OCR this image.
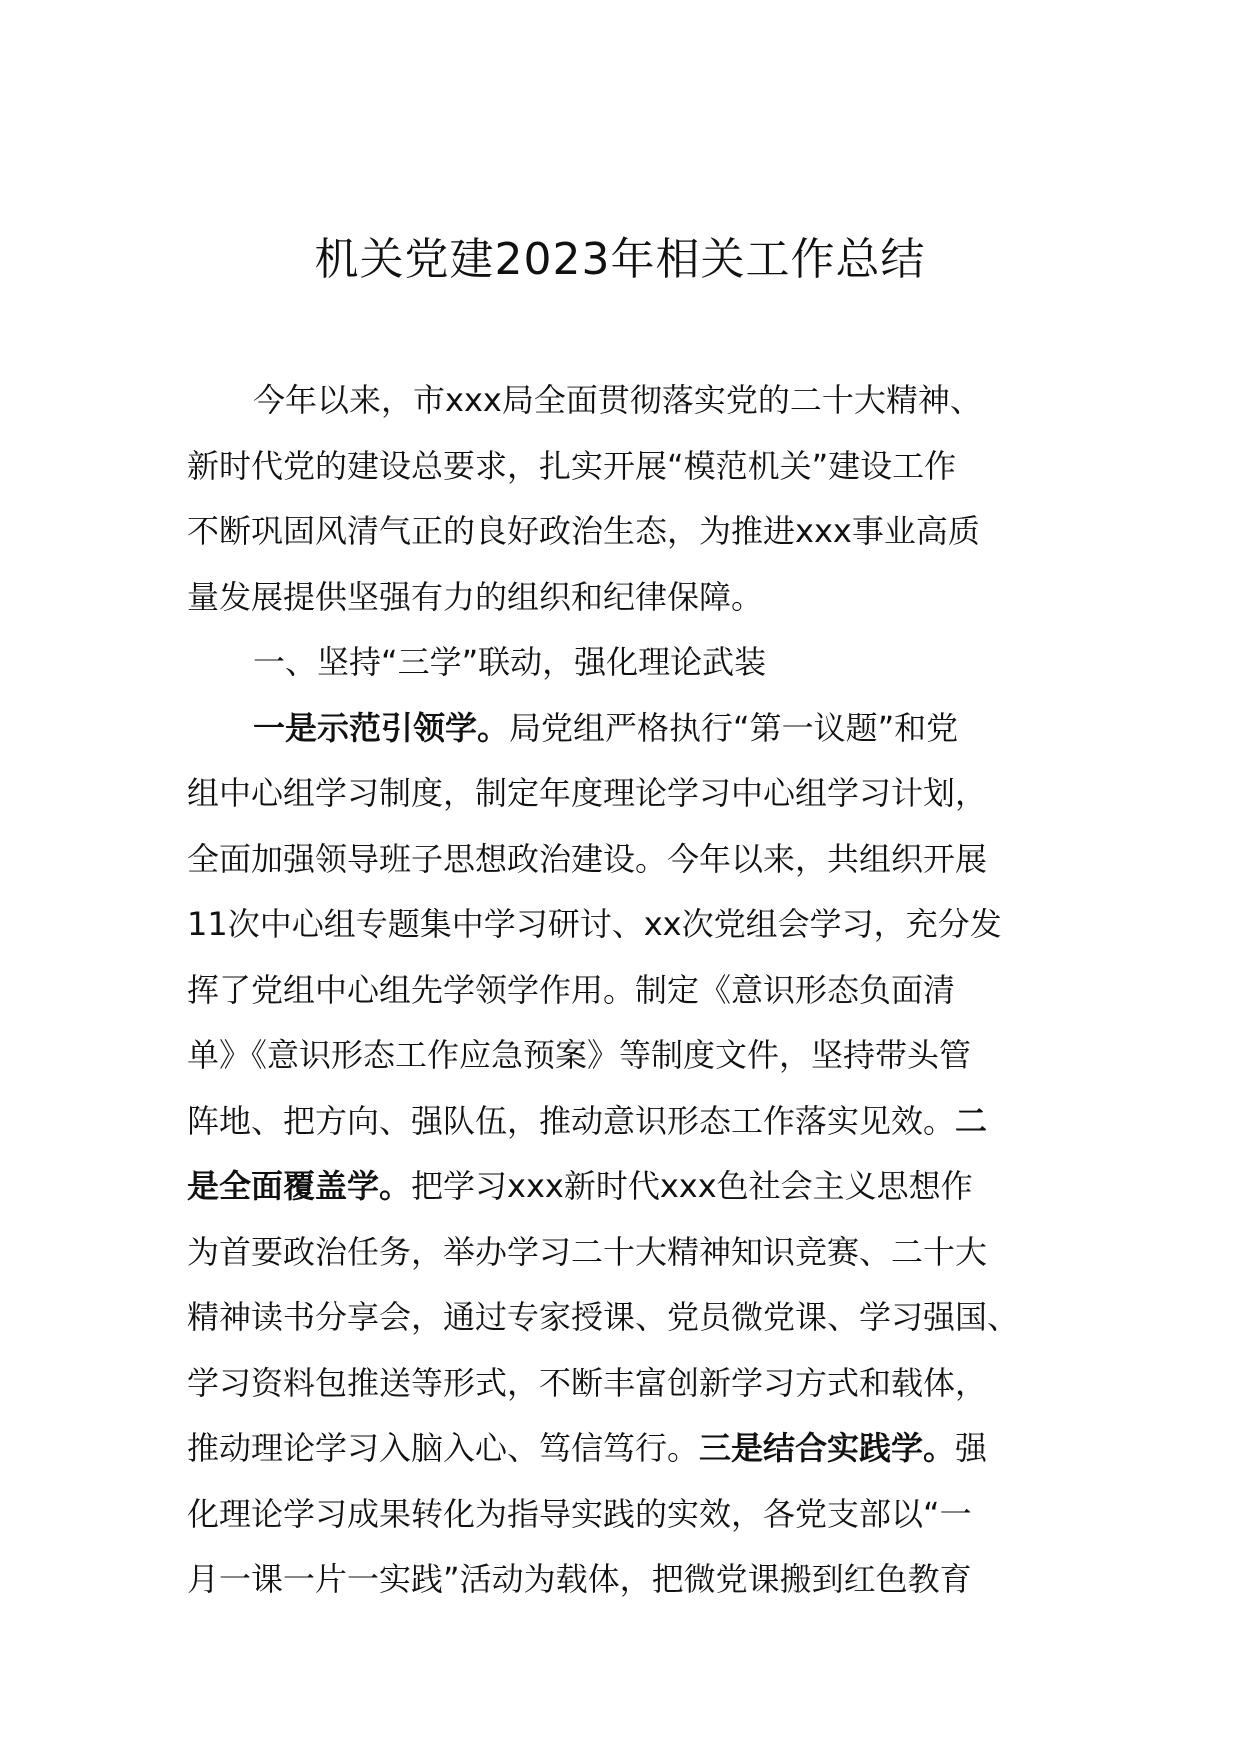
机关党建2023年相关工作总结
今年以来，市xxx局全面贯彻落实党的二十大精神、
新时代党的建设总要求，扎实开展“模范机关”建设工作
不断巩固风清气正的良好政治生态，为推进xxx事业高质
量发展提供坚强有力的组织和纪律保障。
一、坚持“三学”联动，强化理论武装
一是示范引领学。局党组严格执行“第一议题”和党
组中心组学习制度，制定年度理论学习中心组学习计划，
全面加强领导班子思想政治建设。今年以来，共组织开展
11次中心组专题集中学习研讨、xx次党组会学习，充分发
挥了党组中心组先学领学作用。制定《意识形态负面清
单》《意识形态工作应急预案》等制度文件，坚持带头管
阵地、把方向、强队伍，推动意识形态工作落实见效。二
是全面覆盖学。把学习xxx新时代xxx色社会主义思想作
为首要政治任务，举办学习二十大精神知识竞赛、二十大
精神读书分享会，通过专家授课、党员微党课、学习强国、
学习资料包推送等形式，不断丰富创新学习方式和载体，
推动理论学习入脑入心、笃信笃行。三是结合实践学。强
化理论学习成果转化为指导实践的实效，各党支部以“一
月一课一片一实践”活动为载体，把微党课搬到红色教育
